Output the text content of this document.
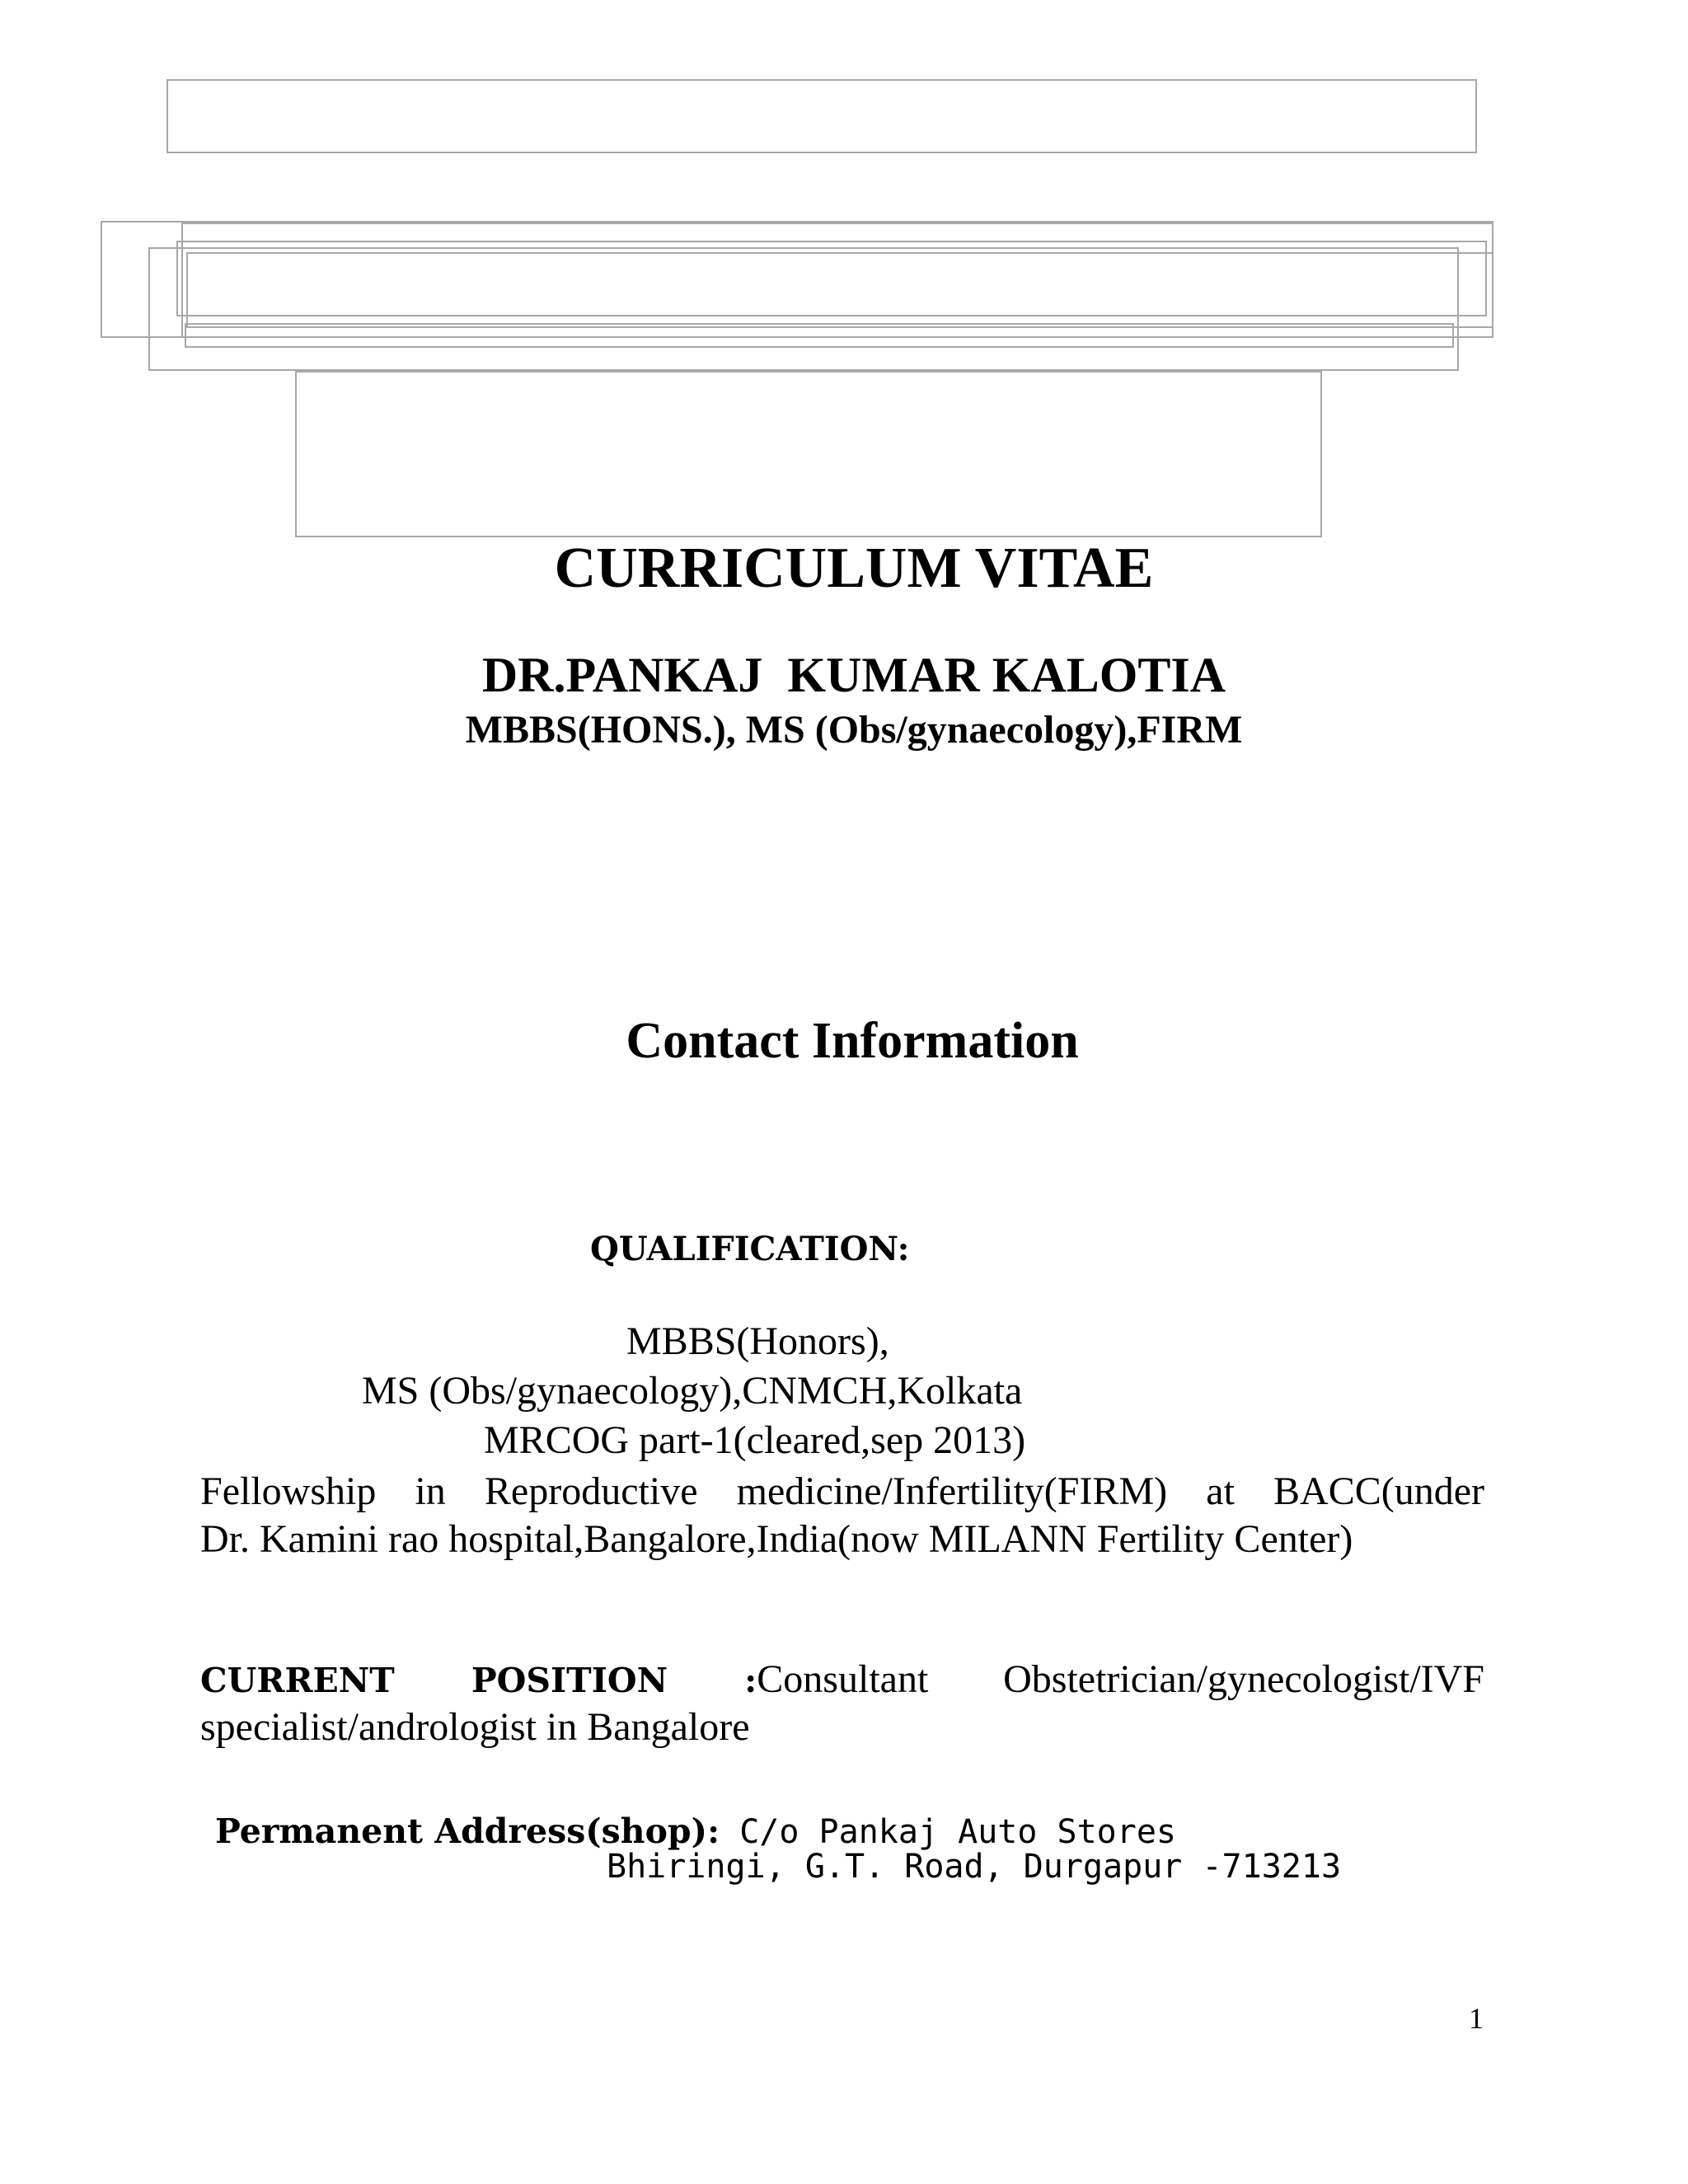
CURRICULUM VITAE
DR.PANKAJ  KUMAR KALOTIA
MBBS(HONS.), MS (Obs/gynaecology),FIRM
Contact Information
QUALIFICATION:
MBBS(Honors),
MS (Obs/gynaecology),CNMCH,Kolkata
MRCOG part-1(cleared,sep 2013)
Fellowship in Reproductive medicine/Infertility(FIRM) at BACC(under
Dr. Kamini rao hospital,Bangalore,India(now MILANN Fertility Center)
CURRENT POSITION :Consultant Obstetrician/gynecologist/IVF
specialist/andrologist in Bangalore

Permanent Address(shop): C/o Pankaj Auto Stores

Bhiringi, G.T. Road, Durgapur -713213
1
